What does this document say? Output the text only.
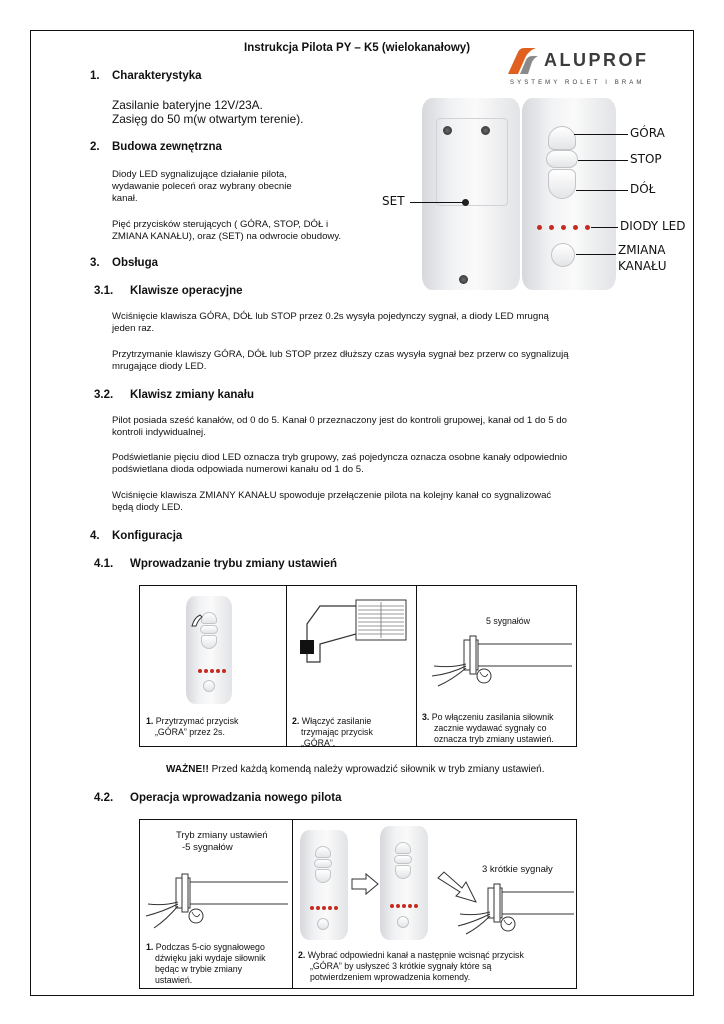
Instrukcja Pilota PY – K5 (wielokanałowy)
ALUPROF
SYSTEMY ROLET I BRAM
1. Charakterystyka
Zasilanie bateryjne 12V/23A.
Zasięg do 50 m(w otwartym terenie).
2. Budowa zewnętrzna
Diody LED sygnalizujące działanie pilota,
wydawanie poleceń oraz wybrany obecnie
kanał.
Pięć przycisków sterujących ( GÓRA, STOP, DÓŁ i
ZMIANA KANAŁU), oraz (SET) na odwrocie obudowy.
SET
GÓRA
STOP
DÓŁ
DIODY LED
ZMIANA
KANAŁU
3. Obsługa
3.1. Klawisze operacyjne
Wciśnięcie klawisza GÓRA, DÓŁ lub STOP przez 0.2s wysyła pojedynczy sygnał, a diody LED mrugną
jeden raz.
Przytrzymanie klawiszy GÓRA, DÓŁ lub STOP przez dłuższy czas wysyła sygnał bez przerw co sygnalizują
mrugające diody LED.
3.2. Klawisz zmiany kanału
Pilot posiada sześć kanałów, od 0 do 5. Kanał 0 przeznaczony jest do kontroli grupowej, kanał od 1 do 5 do
kontroli indywidualnej.
Podświetlanie pięciu diod LED oznacza tryb grupowy, zaś pojedyncza oznacza osobne kanały odpowiednio
podświetlana dioda odpowiada numerowi kanału od 1 do 5.
Wciśnięcie klawisza ZMIANY KANAŁU spowoduje przełączenie pilota na kolejny kanał co sygnalizować
będą diody LED.
4. Konfiguracja
4.1. Wprowadzanie trybu zmiany ustawień
1. Przytrzymać przycisk
„GÓRA” przez 2s.
2. Włączyć zasilanie
trzymając przycisk
„GÓRA”.
5 sygnałów
3. Po włączeniu zasilania siłownik
zacznie wydawać sygnały co
oznacza tryb zmiany ustawień.
WAŻNE!! Przed każdą komendą należy wprowadzić siłownik w tryb zmiany ustawień.
4.2. Operacja wprowadzania nowego pilota
Tryb zmiany ustawień
-5 sygnałów
1. Podczas 5-cio sygnałowego
dźwięku jaki wydaje siłownik
będąc w trybie zmiany
ustawień.
3 krótkie sygnały
2. Wybrać odpowiedni kanał a następnie wcisnąć przycisk
„GÓRA” by usłyszeć 3 krótkie sygnały które są
potwierdzeniem wprowadzenia komendy.
